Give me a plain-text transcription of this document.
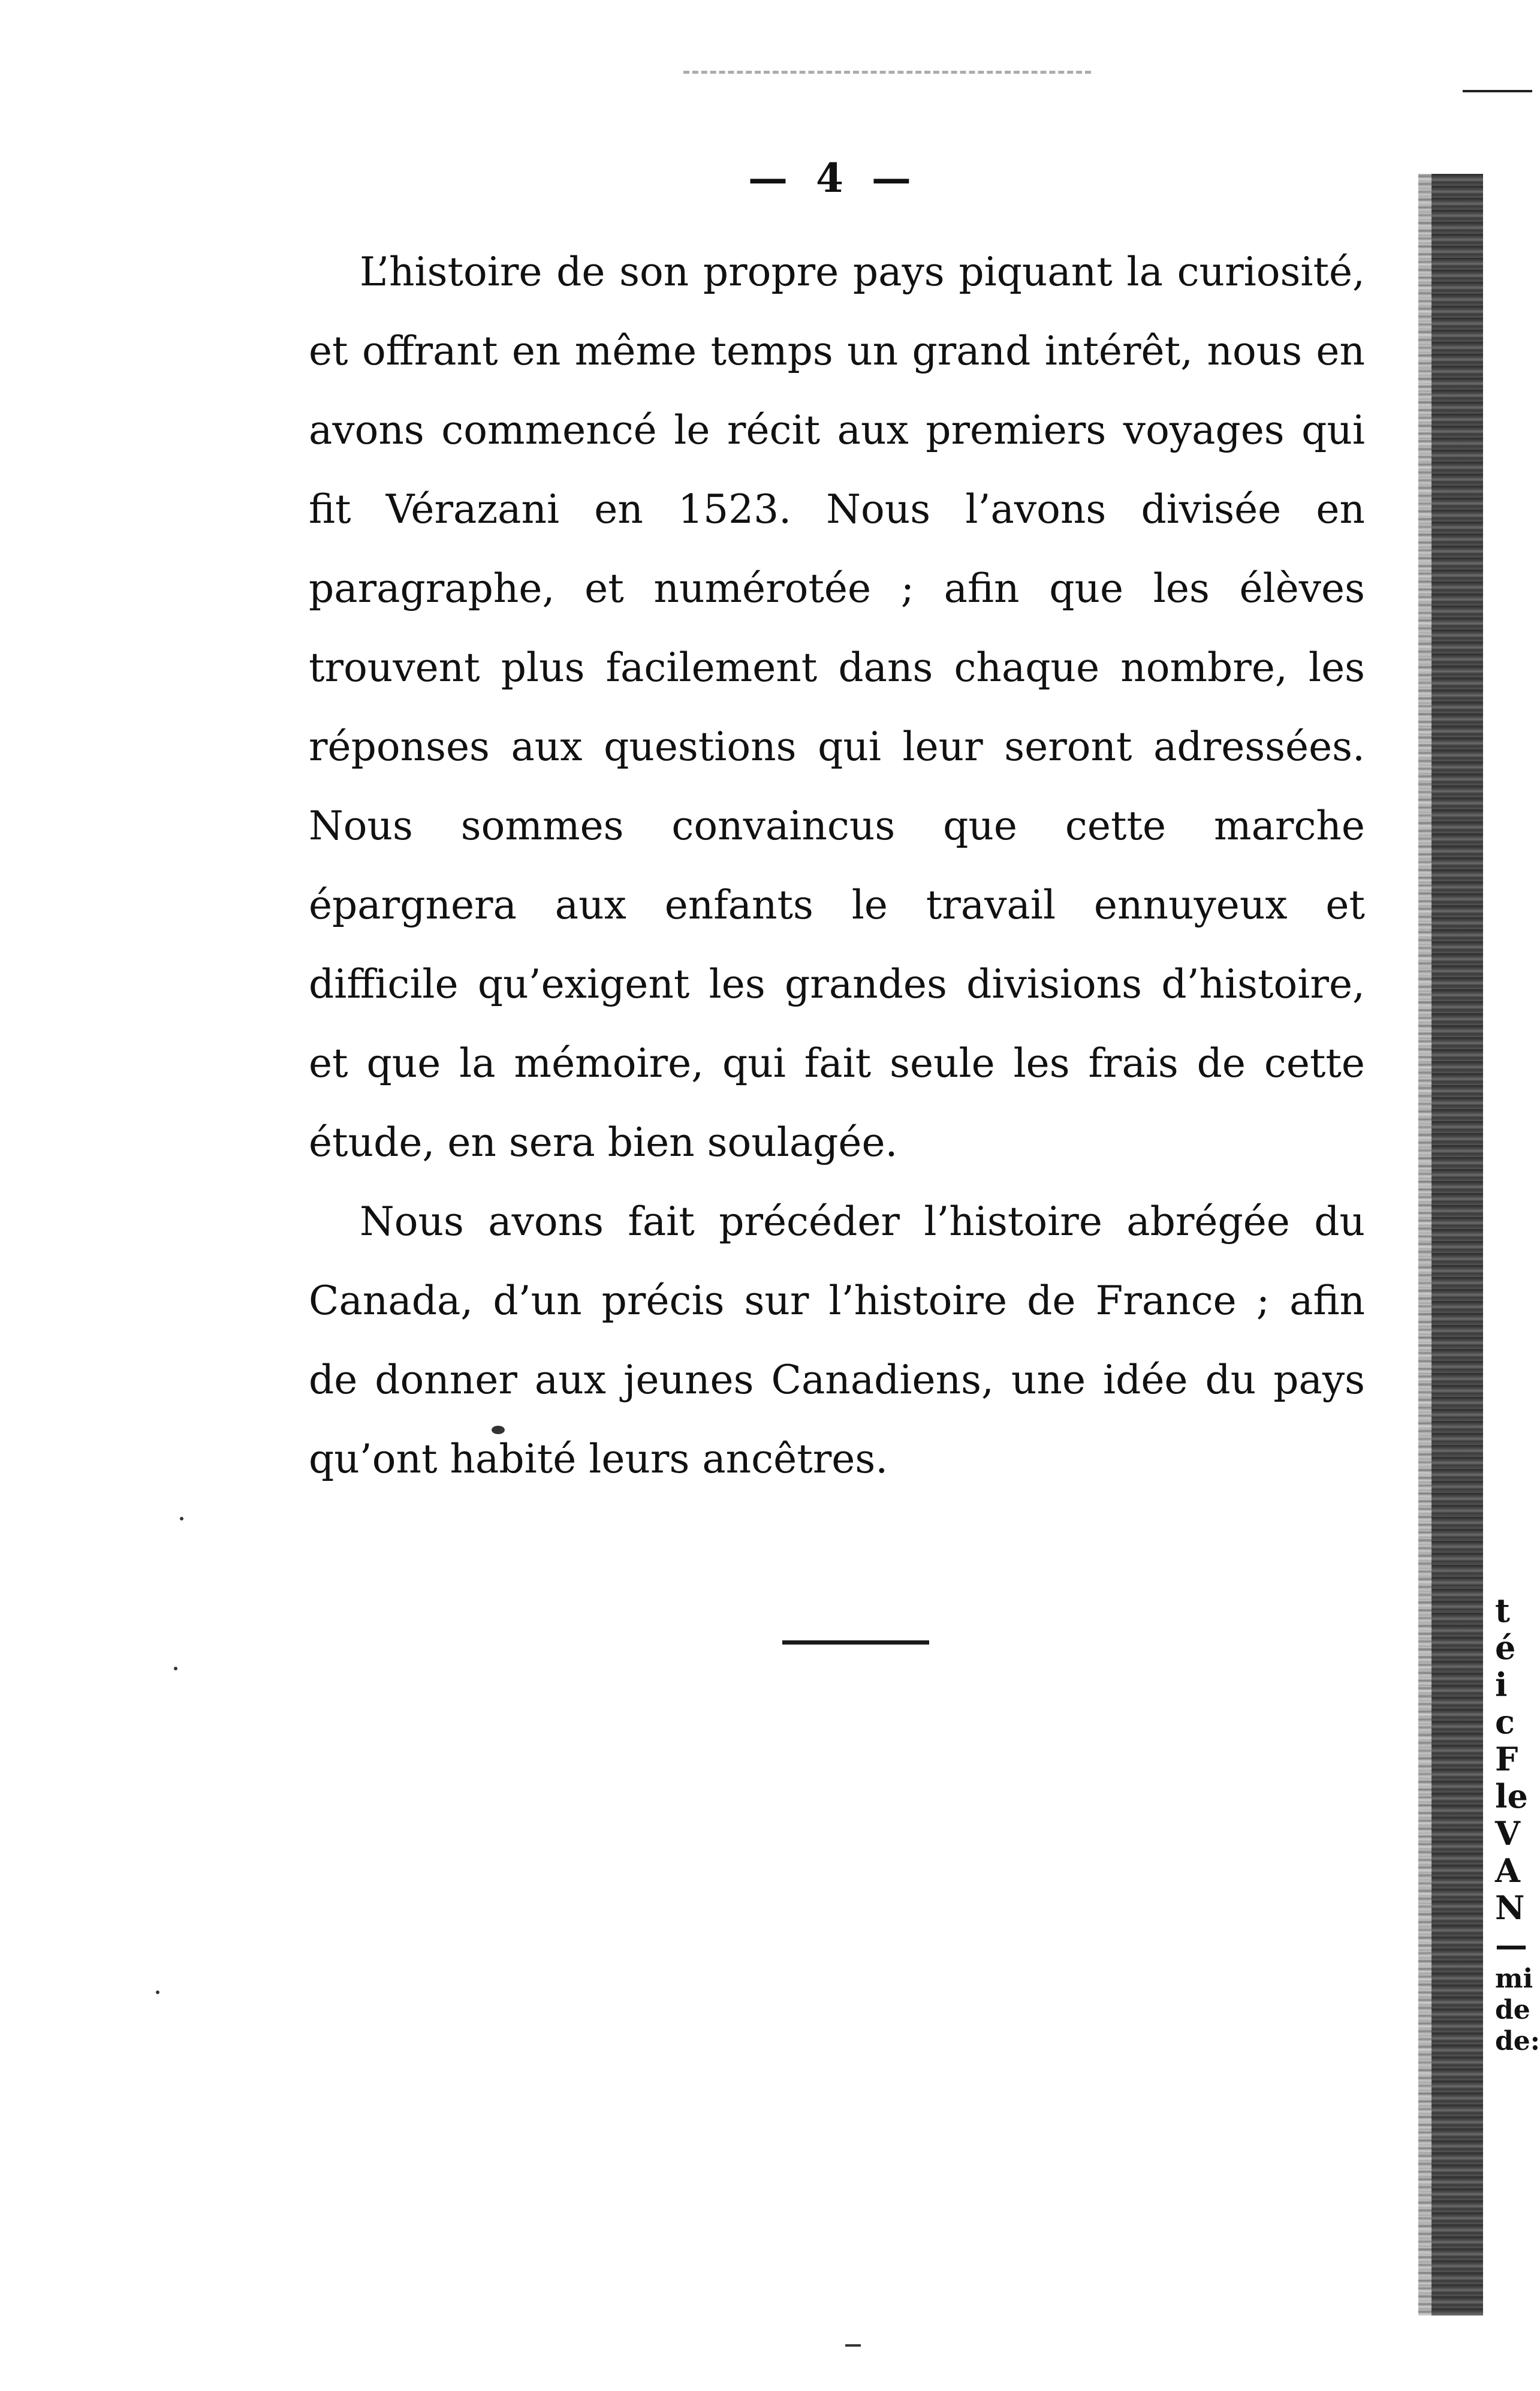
— 4 —

L’histoire de son propre pays piquant la curiosité, et offrant en même temps un grand intérêt, nous en avons commencé le récit aux premiers voyages qui fit Vérazani en 1523. Nous l’avons divisée en paragraphe, et numérotée ; afin que les élèves trouvent plus facilement dans chaque nombre, les réponses aux questions qui leur seront adressées. Nous sommes convaincus que cette marche épargnera aux enfants le travail ennuyeux et difficile qu’exigent les grandes divisions d’histoire, et que la mémoire, qui fait seule les frais de cette étude, en sera bien soulagée.

Nous avons fait précéder l’histoire abrégée du Canada, d’un précis sur l’histoire de France ; afin de donner aux jeunes Canadiens, une idée du pays qu’ont habité leurs ancêtres.

t
é
i
c
F
le
V
A
N
—
mi
de
de:
